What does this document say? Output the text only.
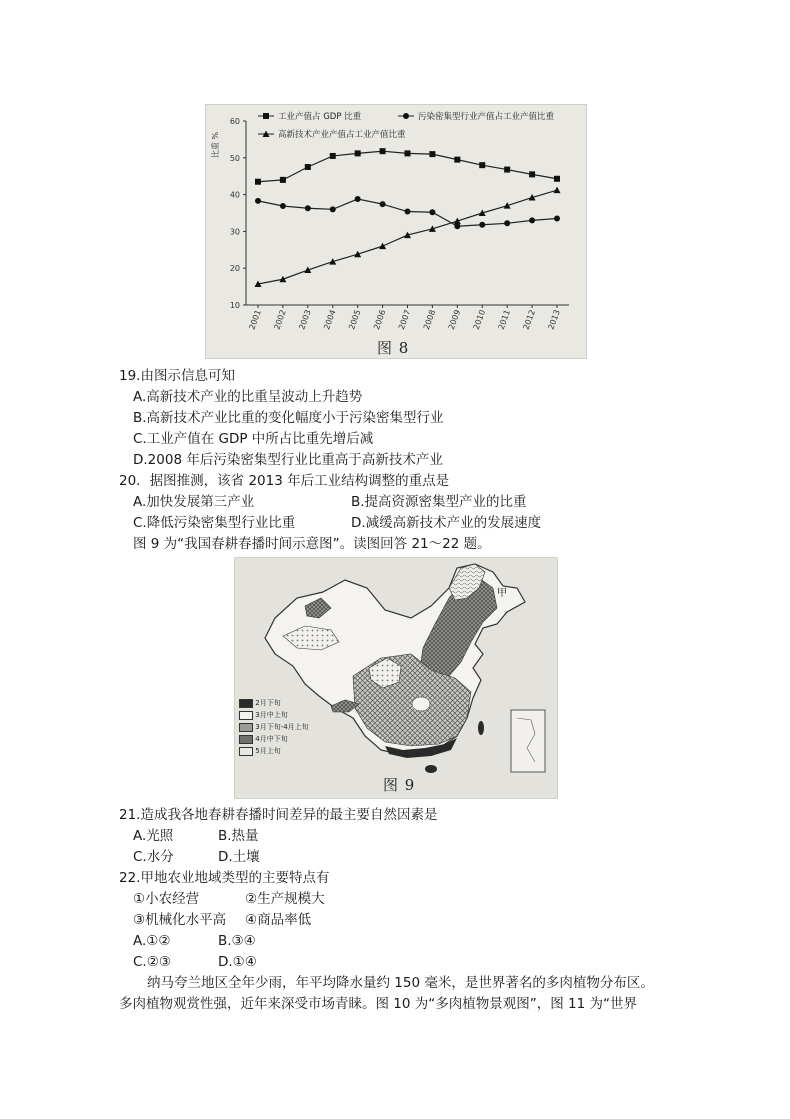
10
20
30
40
50
60
比重 %
2001 2002 2003 2004 2005 2006 2007 2008 2009 2010 2011 2012 2013
工业产值占 GDP 比重	污染密集型行业产值占工业产值比重
高新技术产业产值占工业产值比重
图 8
19.由图示信息可知
A.高新技术产业的比重呈波动上升趋势
B.高新技术产业比重的变化幅度小于污染密集型行业
C.工业产值在 GDP 中所占比重先增后减
D.2008 年后污染密集型行业比重高于高新技术产业
20．据图推测，该省 2013 年后工业结构调整的重点是
A.加快发展第三产业	B.提高资源密集型产业的比重
C.降低污染密集型行业比重	D.减缓高新技术产业的发展速度
图 9 为“我国春耕春播时间示意图”。读图回答 21～22 题。
甲
2月下旬
3月中上旬
3月下旬-4月上旬
4月中下旬
5月上旬
图 9
21.造成我各地春耕春播时间差异的最主要自然因素是
A.光照	B.热量
C.水分	D.土壤
22.甲地农业地域类型的主要特点有
①小农经营	②生产规模大
③机械化水平高 ④商品率低
A.①②	B.③④
C.②③	D.①④
纳马夸兰地区全年少雨，年平均降水量约 150 毫米，是世界著名的多肉植物分布区。
多肉植物观赏性强，近年来深受市场青睐。图 10 为“多肉植物景观图”，图 11 为“世界
